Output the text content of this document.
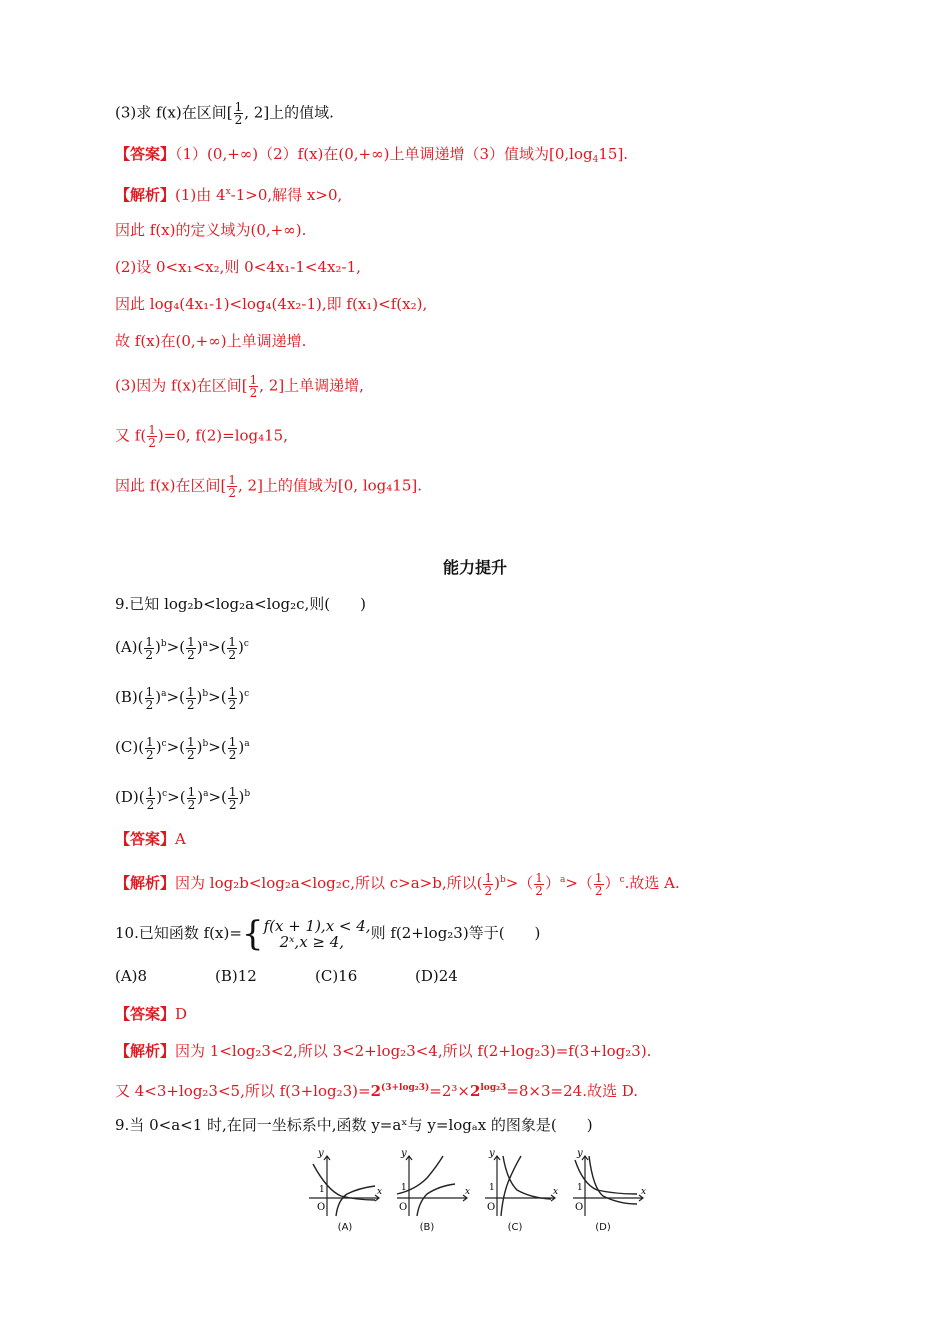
(3)求 f(x)在区间[ $\frac{1}{2}$ , 2]上的值域.
【答案】（1）(0,+∞)（2）f(x)在(0,+∞)上单调递增（3）值域为$[0,\log_415]$.
【解析】(1)由 $4^x-1>0$,解得 x>0,
因此 f(x)的定义域为(0,+∞).
(2)设 0<x₁<x₂,则 0<4x₁-1<4x₂-1,
因此 log₄(4x₁-1)<log₄(4x₂-1),即 f(x₁)<f(x₂),
故 f(x)在(0,+∞)上单调递增.
(3)因为 f(x)在区间[ $\frac{1}{2}$ , 2]上单调递增,
又 $f( \frac{1}{2} )=0$, f(2)=log₄15,
因此 f(x)在区间[ $\frac{1}{2}$ , 2]上的值域为[0, log₄15].
能力提升
9.已知 log₂b<log₂a<log₂c,则(　　)
$(A)( \frac{1}{2} )^b>( \frac{1}{2} )^a>( \frac{1}{2} )^c$
$(B)( \frac{1}{2} )^a>( \frac{1}{2} )^b>( \frac{1}{2} )^c$
$(C)( \frac{1}{2} )^c>( \frac{1}{2} )^b>( \frac{1}{2} )^a$
$(D)( \frac{1}{2} )^c>( \frac{1}{2} )^a>( \frac{1}{2} )^b$
【答案】A
【解析】因为 log₂b<log₂a<log₂c,所以 c>a>b,所以( $\frac{1}{2} )^b>( \frac{1}{2} )^a>( \frac{1}{2} )^c$.故选 A.
10.已知函数 f(x)={ f(x + 1),x < 4,
2ˣ,x ≥ 4,	则 f(2+log₂3)等于(　　)
(A)8	(B)12	(C)16	(D)24
【答案】D
【解析】因为 1<log₂3<2,所以 3<2+log₂3<4,所以 f(2+log₂3)=f(3+log₂3).
又 4<3+log₂3<5,所以 $f(3+\log_23)=2^{(3+log_23)}=2^3\times 2^{log_23}=8\times 3=24$.故选 D.
9.当 0<a<1 时,在同一坐标系中,函数 y=aˣ与 y=logₐx 的图象是(　　)
y
x
O
1
(A)
y
x
O
1
(B)
y
x
O
1
(C)
y
x
O
1
(D)
